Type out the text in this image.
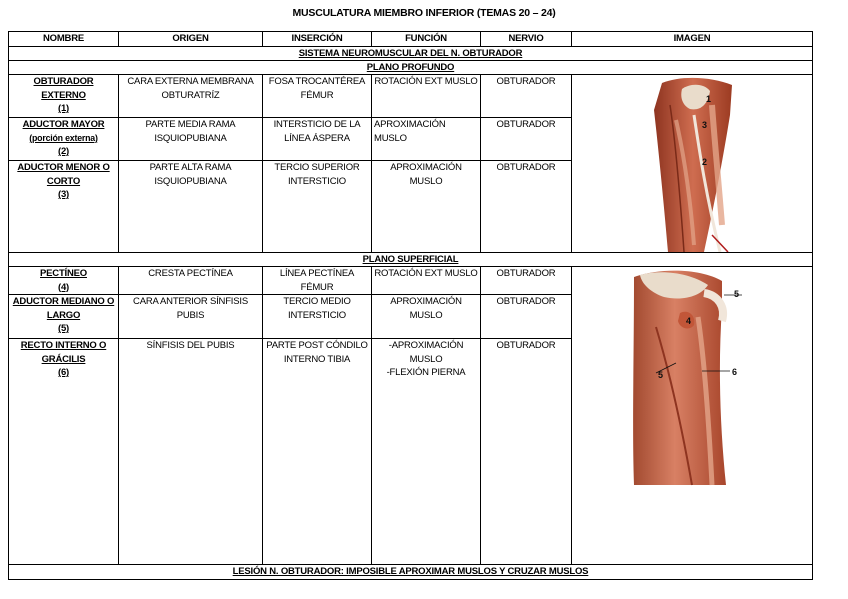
MUSCULATURA MIEMBRO INFERIOR (TEMAS 20 – 24)
NOMBRE	ORIGEN	INSERCIÓN	FUNCIÓN	NERVIO	IMAGEN
SISTEMA NEUROMUSCULAR DEL N. OBTURADOR					
PLANO PROFUNDO					

OBTURADOR EXTERNO
(1)	CARA EXTERNA MEMBRANA OBTURATRÍZ	FOSA TROCANTÉREA FÉMUR	ROTACIÓN EXT MUSLO	OBTURADOR	1
3
2

ADUCTOR MAYOR
(porción externa)
(2)	PARTE MEDIA RAMA ISQUIOPUBIANA	INTERSTICIO DE LA LÍNEA ÁSPERA	APROXIMACIÓN MUSLO	OBTURADOR	

ADUCTOR MENOR O CORTO
(3)	PARTE ALTA RAMA ISQUIOPUBIANA	TERCIO SUPERIOR INTERSTICIO	APROXIMACIÓN MUSLO	OBTURADOR	
PLANO SUPERFICIAL					

PECTÍNEO
(4)	CRESTA PECTÍNEA	LÍNEA PECTÍNEA FÉMUR	ROTACIÓN EXT MUSLO	OBTURADOR	5
4
5 6

ADUCTOR MEDIANO O LARGO
(5)	CARA ANTERIOR SÍNFISIS PUBIS	TERCIO MEDIO INTERSTICIO	APROXIMACIÓN MUSLO	OBTURADOR	

RECTO INTERNO O GRÁCILIS
(6)	SÍNFISIS DEL PUBIS	PARTE POST CÓNDILO INTERNO TIBIA	-APROXIMACIÓN MUSLO
-FLEXIÓN PIERNA	OBTURADOR	
LESIÓN N. OBTURADOR: IMPOSIBLE APROXIMAR MUSLOS Y CRUZAR MUSLOS					
